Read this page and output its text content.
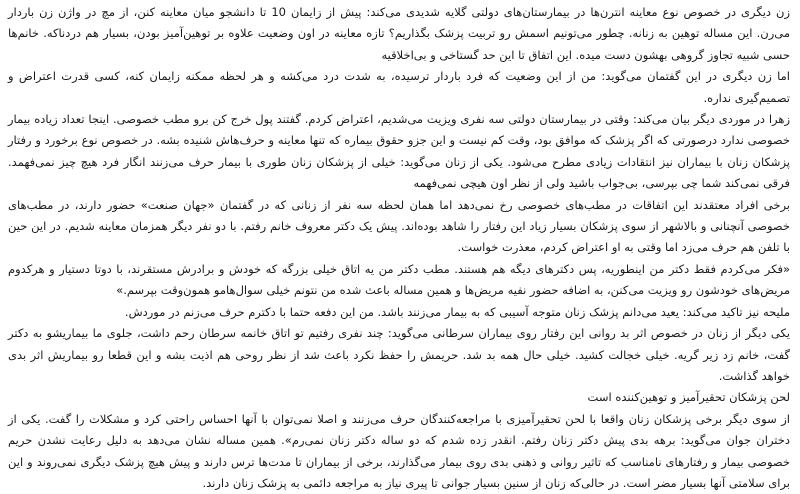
زن دیگری در خصوص نوع معاینه انترن‌ها در بیمارستان‌های دولتی گلایه شدیدی می‌کند: پیش از زایمان 10 تا دانشجو میان معاینه کنن، از مچ در واژن زن باردار می‌رن. این مساله توهین به زنانه. چطور می‌تونیم اسمش رو تربیت پزشک بگذاریم؟ تازه معاینه در اون وضعیت علاوه بر توهین‌آمیز بودن، بسیار هم دردناکه. خانم‌ها حسی شبیه تجاوز گروهی بهشون دست میده. این اتفاق تا این حد گستاخی و بی‌اخلاقیه

اما زن دیگری در این گفتمان می‌گوید: من از این وضعیت که فرد باردار ترسیده، به شدت درد می‌کشه و هر لحظه ممکنه زایمان کنه، کسی قدرت اعتراض و تصمیم‌گیری نداره.

زهرا در موردی دیگر بیان می‌کند: وقتی در بیمارستان دولتی سه نفری ویزیت می‌شدیم، اعتراض کردم. گفتند پول خرج کن برو مطب خصوصی. اینجا تعداد زیاده بیمار خصوصی ندارد درصورتی که اگر پزشک که موافق بود، وقت کم نیست و این جزو حقوق بیماره که تنها معاینه و حرف‌هاش شنیده بشه. در خصوص نوع برخورد و رفتار پزشکان زنان با بیماران نیز انتقادات زیادی مطرح می‌شود. یکی از زنان می‌گوید: خیلی از پزشکان زنان طوری با بیمار حرف می‌زنند انگار فرد هیچ چیز نمی‌فهمد. فرقی نمی‌کند شما چی بپرسی، بی‌جواب باشید ولی از نظر اون هیچی نمی‌فهمه

برخی افراد معتقدند این اتفاقات در مطب‌های خصوصی رخ نمی‌دهد اما همان لحظه سه نفر از زنانی که در گفتمان «جهان صنعت» حضور دارند، در مطب‌های خصوصی آنچنانی و بالاشهر از سوی پزشکان بسیار زیاد این رفتار را شاهد بوده‌اند. پیش یک دکتر معروف خانم رفتم. با دو نفر دیگر همزمان معاینه شدیم. در این حین با تلفن هم حرف می‌زد اما وقتی به او اعتراض کردم، معذرت خواست.

«فکر می‌کردم فقط دکتر من اینطوریه، پس دکترهای دیگه هم هستند. مطب دکتر من یه اتاق خیلی بزرگه که خودش و برادرش مستقرند، با دوتا دستیار و هرکدوم مریض‌های خودشون رو ویزیت می‌کنن، به اضافه حضور نفیه مریض‌ها و همین مساله باعث شده من نتونم خیلی سوال‌هامو همون‌وقت بپرسم.»

ملیحه نیز تاکید می‌کند: یعید می‌دانم پزشک زنان متوجه آسیبی که به بیمار می‌زنند باشد. من این دفعه حتما با دکترم حرف می‌زنم در موردش.

یکی دیگر از زنان در خصوص اثر بد روانی این رفتار روی بیماران سرطانی می‌گوید: چند نفری رفتیم تو اتاق خانمه سرطان رحم داشت، جلوی ما بیماریشو به دکتر گفت، خانم زد زیر گریه. خیلی خجالت کشید. خیلی حال همه بد شد. حریمش را حفظ نکرد باعث شد از نظر روحی هم اذیت بشه و این قطعا رو بیماریش اثر بدی خواهد گذاشت.

لحن پزشکان تحقیرآمیز و توهین‌کننده است

از سوی دیگر برخی پزشکان زنان واقعا با لحن تحقیرآمیزی با مراجعه‌کنندگان حرف می‌زنند و اصلا نمی‌توان با آنها احساس راحتی کرد و مشکلات را گفت. یکی از دختران جوان می‌گوید: برهه بدی پیش دکتر زنان رفتم. انقدر زده شدم که دو ساله دکتر زنان نمی‌رم». همین مساله نشان می‌دهد به دلیل رعایت نشدن حریم خصوصی بیمار و رفتارهای نامناسب که تاثیر روانی و ذهنی بدی روی بیمار می‌گذارند، برخی از بیماران تا مدت‌ها ترس دارند و پیش هیچ پزشک دیگری نمی‌روند و این برای سلامتی آنها بسیار مضر است. در حالی‌که زنان از سنین بسیار جوانی تا پیری نیاز به مراجعه دائمی به پزشک زنان دارند.
